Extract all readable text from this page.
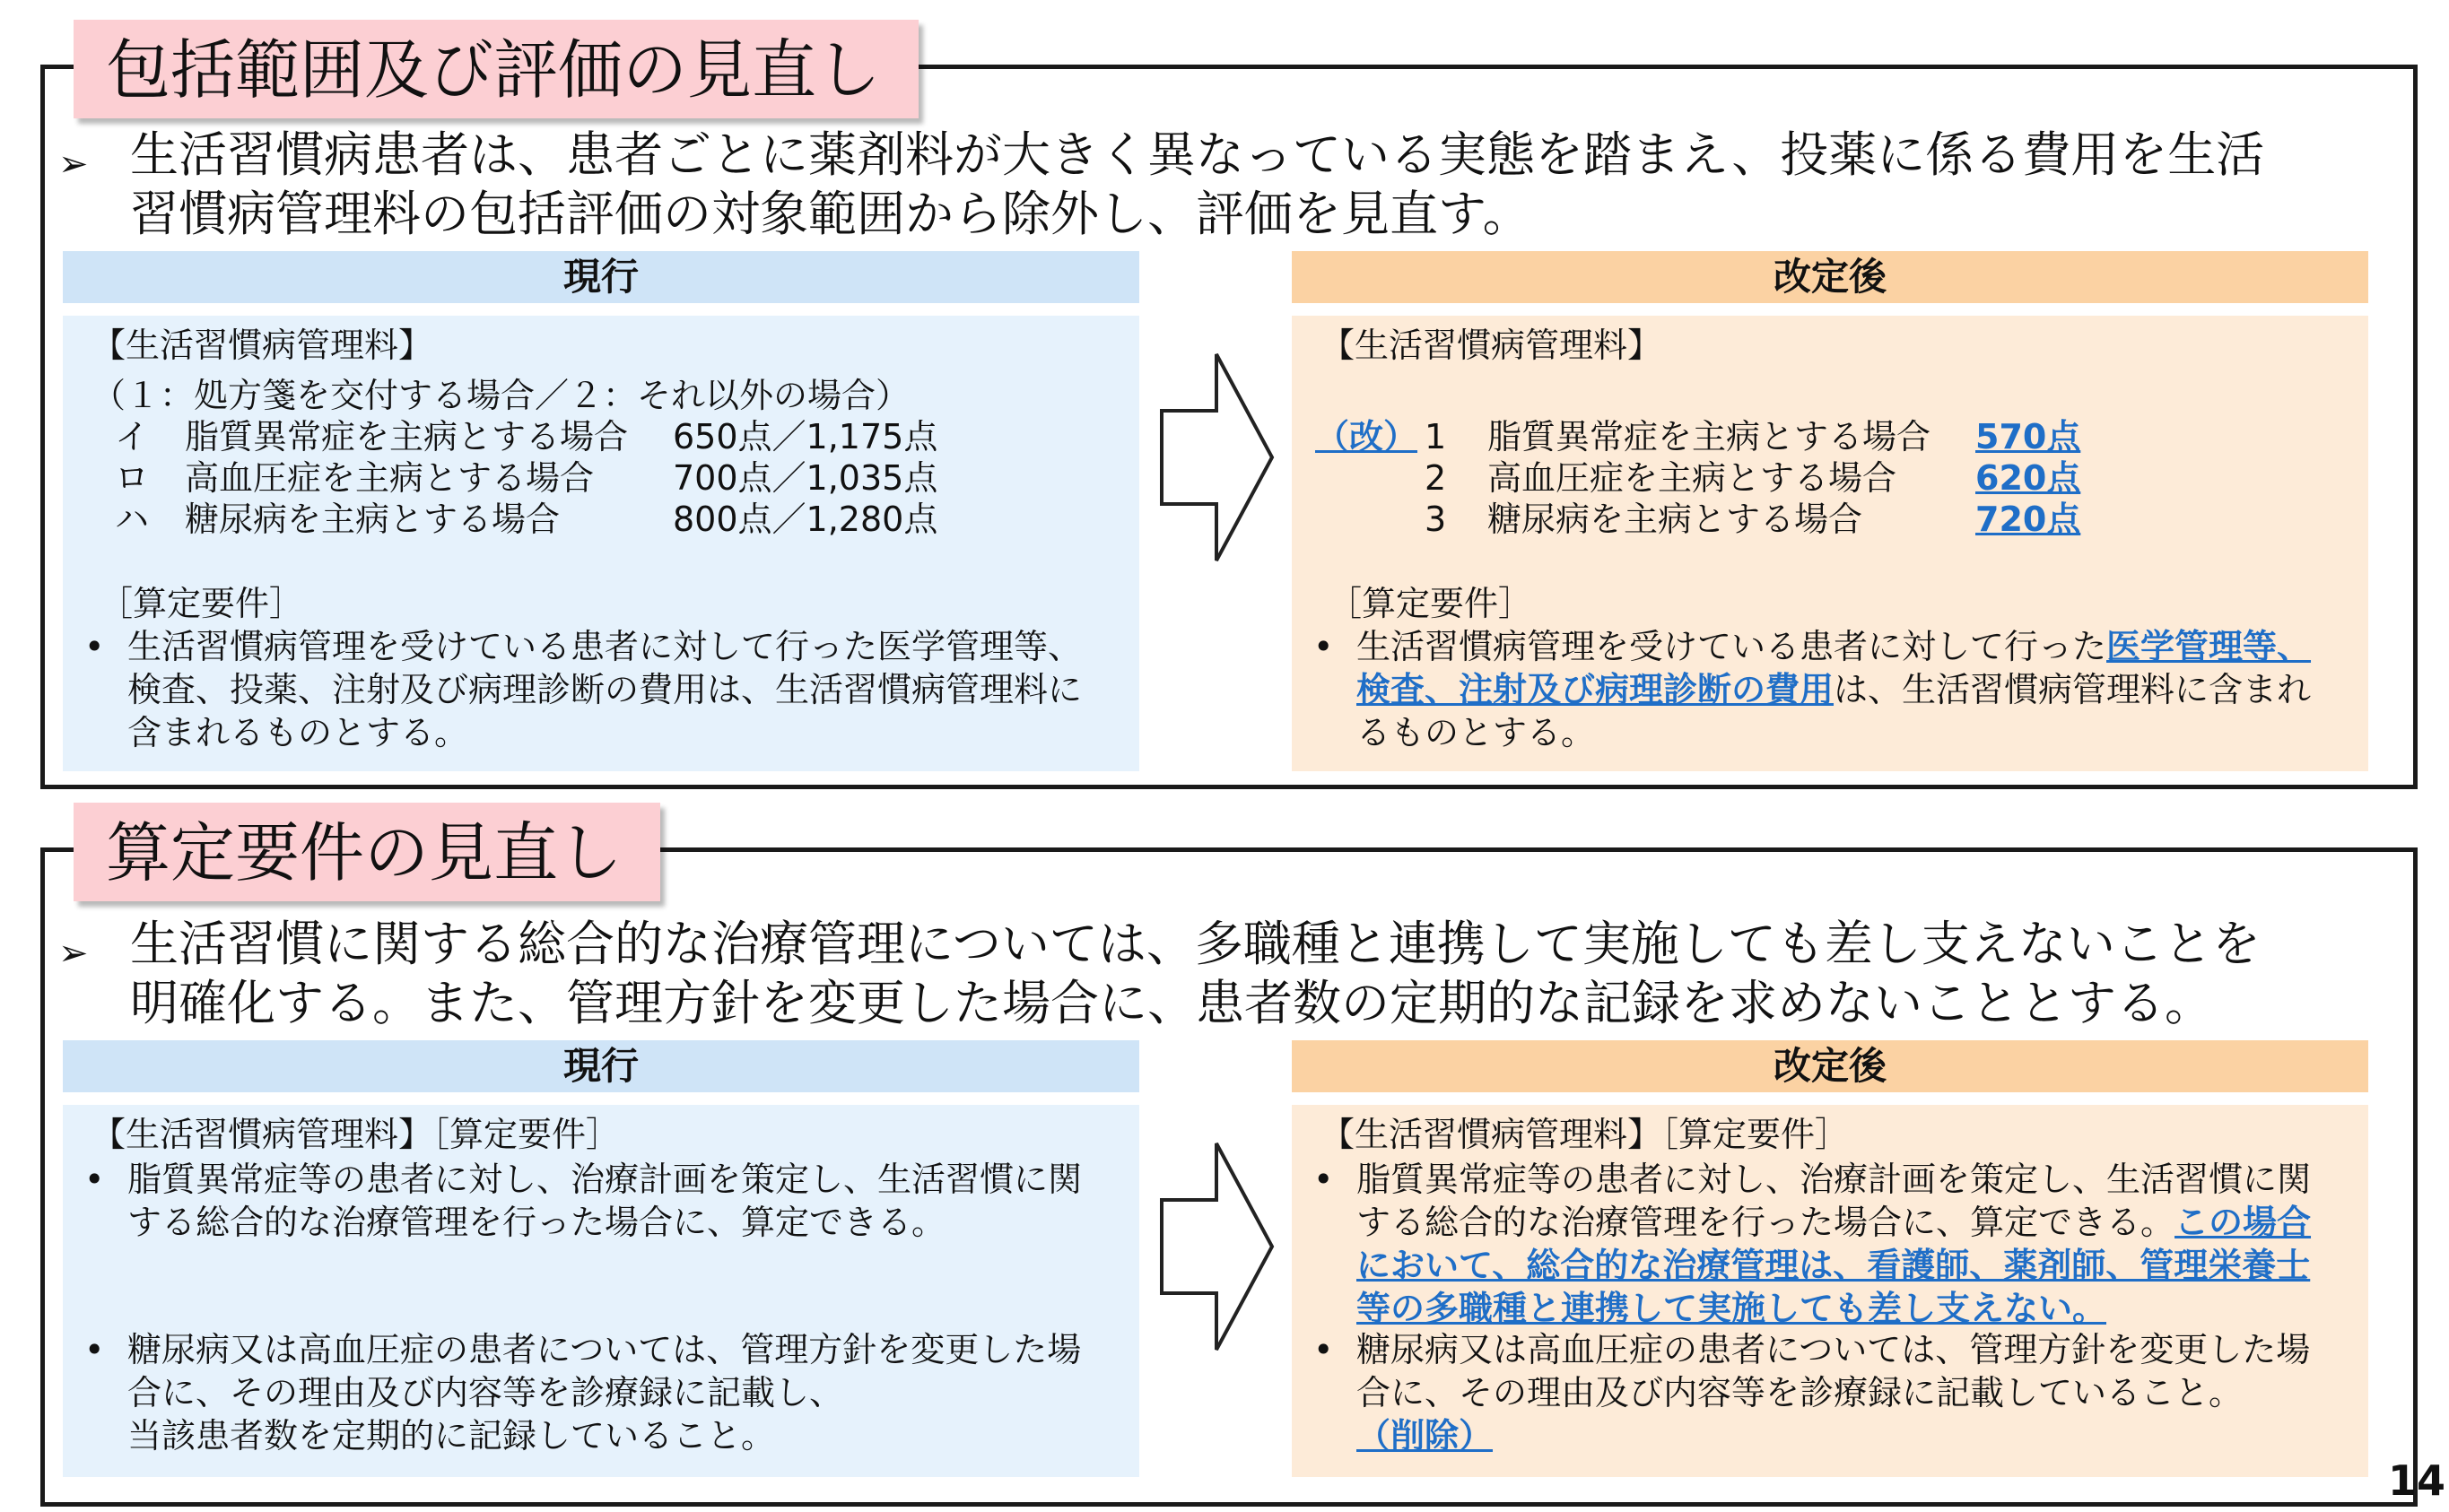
包括範囲及び評価の見直し
➢ 生活習慣病患者は、患者ごとに薬剤料が大きく異なっている実態を踏まえ、投薬に係る費用を生活
習慣病管理料の包括評価の対象範囲から除外し、評価を見直す。
現行	改定後
【生活習慣病管理料】
（１：処方箋を交付する場合／２：それ以外の場合）
イ 脂質異常症を主病とする場合 650点／1,175点
ロ 高血圧症を主病とする場合 700点／1,035点
ハ 糖尿病を主病とする場合	800点／1,280点
［算定要件］
• 生活習慣病管理を受けている患者に対して行った医学管理等、
検査、投薬、注射及び病理診断の費用は、生活習慣病管理料に
含まれるものとする。
【生活習慣病管理料】
（改） 1 脂質異常症を主病とする場合 570点
2 高血圧症を主病とする場合 620点
3 糖尿病を主病とする場合	720点
［算定要件］
• 生活習慣病管理を受けている患者に対して行った医学管理等、
検査、注射及び病理診断の費用は、生活習慣病管理料に含まれ
るものとする。
算定要件の見直し
➢ 生活習慣に関する総合的な治療管理については、多職種と連携して実施しても差し支えないことを
明確化する。また、管理方針を変更した場合に、患者数の定期的な記録を求めないこととする。
現行	改定後
【生活習慣病管理料】［算定要件］
• 脂質異常症等の患者に対し、治療計画を策定し、生活習慣に関
する総合的な治療管理を行った場合に、算定できる。
• 糖尿病又は高血圧症の患者については、管理方針を変更した場
合に、その理由及び内容等を診療録に記載し、
当該患者数を定期的に記録していること。
【生活習慣病管理料】［算定要件］
• 脂質異常症等の患者に対し、治療計画を策定し、生活習慣に関
する総合的な治療管理を行った場合に、算定できる。この場合
において、総合的な治療管理は、看護師、薬剤師、管理栄養士
等の多職種と連携して実施しても差し支えない。
• 糖尿病又は高血圧症の患者については、管理方針を変更した場
合に、その理由及び内容等を診療録に記載していること。
（削除）
14
